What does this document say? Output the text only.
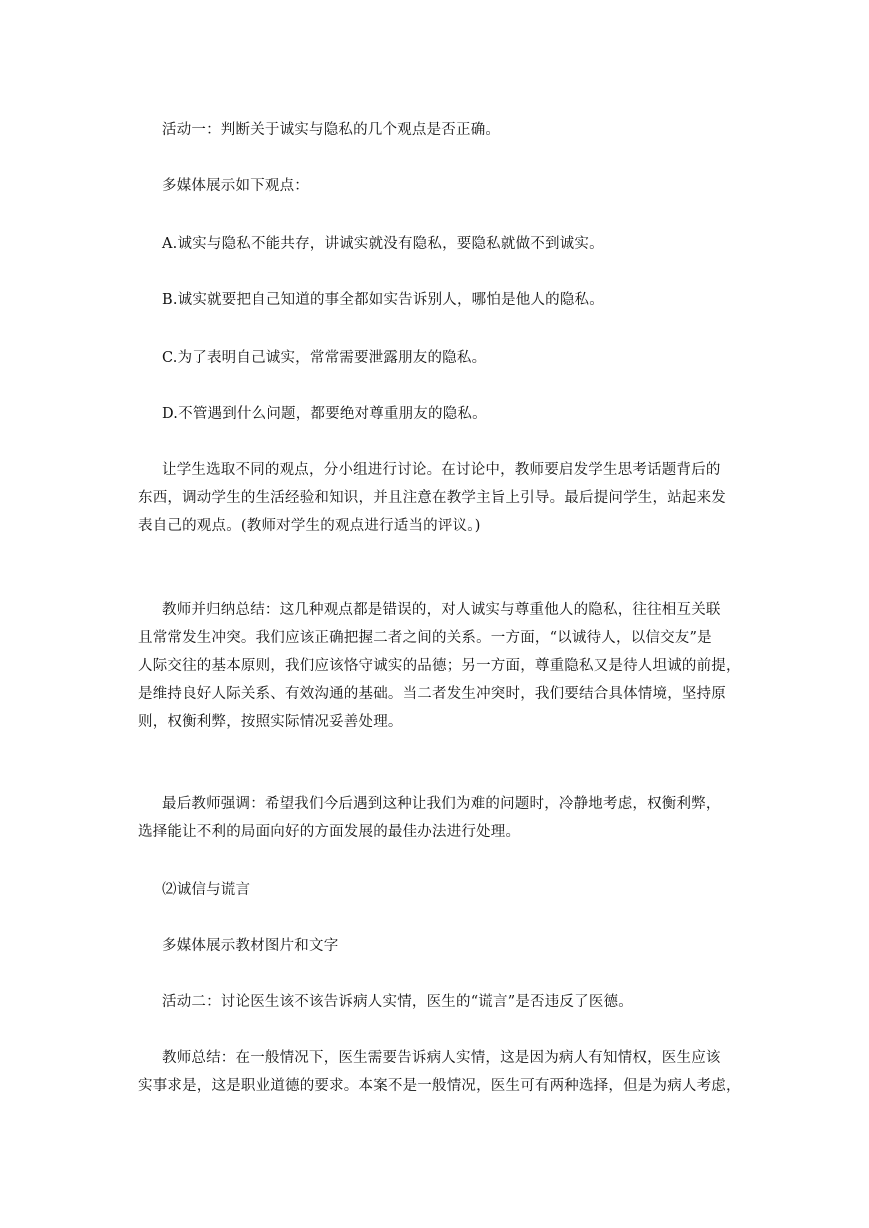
活动一：判断关于诚实与隐私的几个观点是否正确。
多媒体展示如下观点：
A.诚实与隐私不能共存，讲诚实就没有隐私，要隐私就做不到诚实。
B.诚实就要把自己知道的事全都如实告诉别人，哪怕是他人的隐私。
C.为了表明自己诚实，常常需要泄露朋友的隐私。
D.不管遇到什么问题，都要绝对尊重朋友的隐私。
让学生选取不同的观点，分小组进行讨论。在讨论中，教师要启发学生思考话题背后的
东西，调动学生的生活经验和知识，并且注意在教学主旨上引导。最后提问学生，站起来发
表自己的观点。(教师对学生的观点进行适当的评议。)
教师并归纳总结：这几种观点都是错误的，对人诚实与尊重他人的隐私，往往相互关联
且常常发生冲突。我们应该正确把握二者之间的关系。一方面，“以诚待人，以信交友”是
人际交往的基本原则，我们应该恪守诚实的品德；另一方面，尊重隐私又是待人坦诚的前提，
是维持良好人际关系、有效沟通的基础。当二者发生冲突时，我们要结合具体情境，坚持原
则，权衡利弊，按照实际情况妥善处理。
最后教师强调：希望我们今后遇到这种让我们为难的问题时，冷静地考虑，权衡利弊，
选择能让不利的局面向好的方面发展的最佳办法进行处理。
⑵诚信与谎言
多媒体展示教材图片和文字
活动二：讨论医生该不该告诉病人实情，医生的“谎言”是否违反了医德。
教师总结：在一般情况下，医生需要告诉病人实情，这是因为病人有知情权，医生应该
实事求是，这是职业道德的要求。本案不是一般情况，医生可有两种选择，但是为病人考虑，
